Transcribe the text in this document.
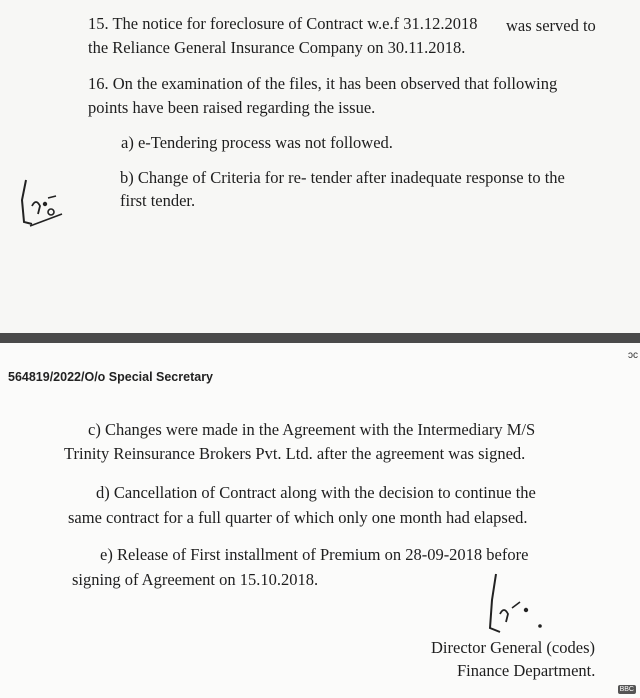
15. The notice for foreclosure of Contract w.e.f 31.12.2018 was served to
the Reliance General Insurance Company on 30.11.2018.
16. On the examination of the files, it has been observed that following
points have been raised regarding the issue.
a) e-Tendering process was not followed.
b) Change of Criteria for re- tender after inadequate response to the
first tender.
ɔc
564819/2022/O/o Special Secretary
c) Changes were made in the Agreement with the Intermediary M/S
Trinity Reinsurance Brokers Pvt. Ltd. after the agreement was signed.
d) Cancellation of Contract along with the decision to continue the
same contract for a full quarter of which only one month had elapsed.
e) Release of First installment of Premium on 28-09-2018 before
signing of Agreement on 15.10.2018.
Director General (codes)
Finance Department.
BBC
